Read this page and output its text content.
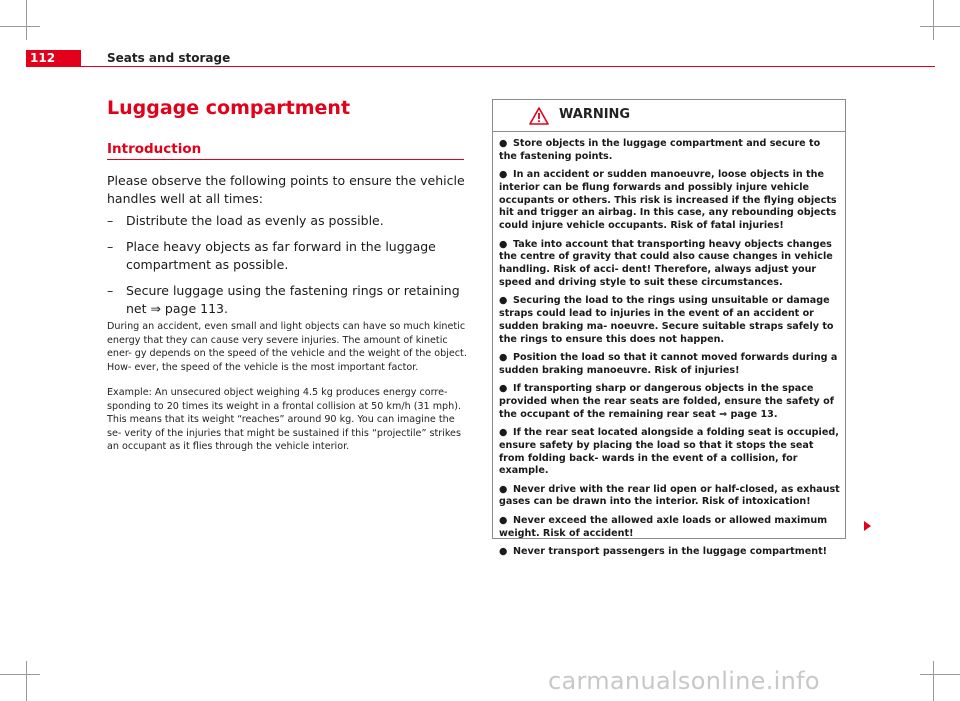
112	Seats and storage
Luggage compartment
Introduction
Please observe the following points to ensure the vehicle handles well at all times:
– Distribute the load as evenly as possible.
– Place heavy objects as far forward in the luggage compartment as possible.
– Secure luggage using the fastening rings or retaining net ⇒ page 113.
During an accident, even small and light objects can have so much kinetic energy that they can cause very severe injuries. The amount of kinetic ener- gy depends on the speed of the vehicle and the weight of the object. How- ever, the speed of the vehicle is the most important factor.
Example: An unsecured object weighing 4.5 kg produces energy corre- sponding to 20 times its weight in a frontal collision at 50 km/h (31 mph). This means that its weight “reaches” around 90 kg. You can imagine the se- verity of the injuries that might be sustained if this “projectile” strikes an occupant as it flies through the vehicle interior.
WARNING
● Store objects in the luggage compartment and secure to the fastening points.
● In an accident or sudden manoeuvre, loose objects in the interior can be flung forwards and possibly injure vehicle occupants or others. This risk is increased if the flying objects hit and trigger an airbag. In this case, any rebounding objects could injure vehicle occupants. Risk of fatal injuries!
● Take into account that transporting heavy objects changes the centre of gravity that could also cause changes in vehicle handling. Risk of acci- dent! Therefore, always adjust your speed and driving style to suit these circumstances.
● Securing the load to the rings using unsuitable or damage straps could lead to injuries in the event of an accident or sudden braking ma- noeuvre. Secure suitable straps safely to the rings to ensure this does not happen.
● Position the load so that it cannot moved forwards during a sudden braking manoeuvre. Risk of injuries!
● If transporting sharp or dangerous objects in the space provided when the rear seats are folded, ensure the safety of the occupant of the remaining rear seat ⇒ page 13.
● If the rear seat located alongside a folding seat is occupied, ensure safety by placing the load so that it stops the seat from folding back- wards in the event of a collision, for example.
● Never drive with the rear lid open or half-closed, as exhaust gases can be drawn into the interior. Risk of intoxication!
● Never exceed the allowed axle loads or allowed maximum weight. Risk of accident!
● Never transport passengers in the luggage compartment!
carmanualsonline.info
